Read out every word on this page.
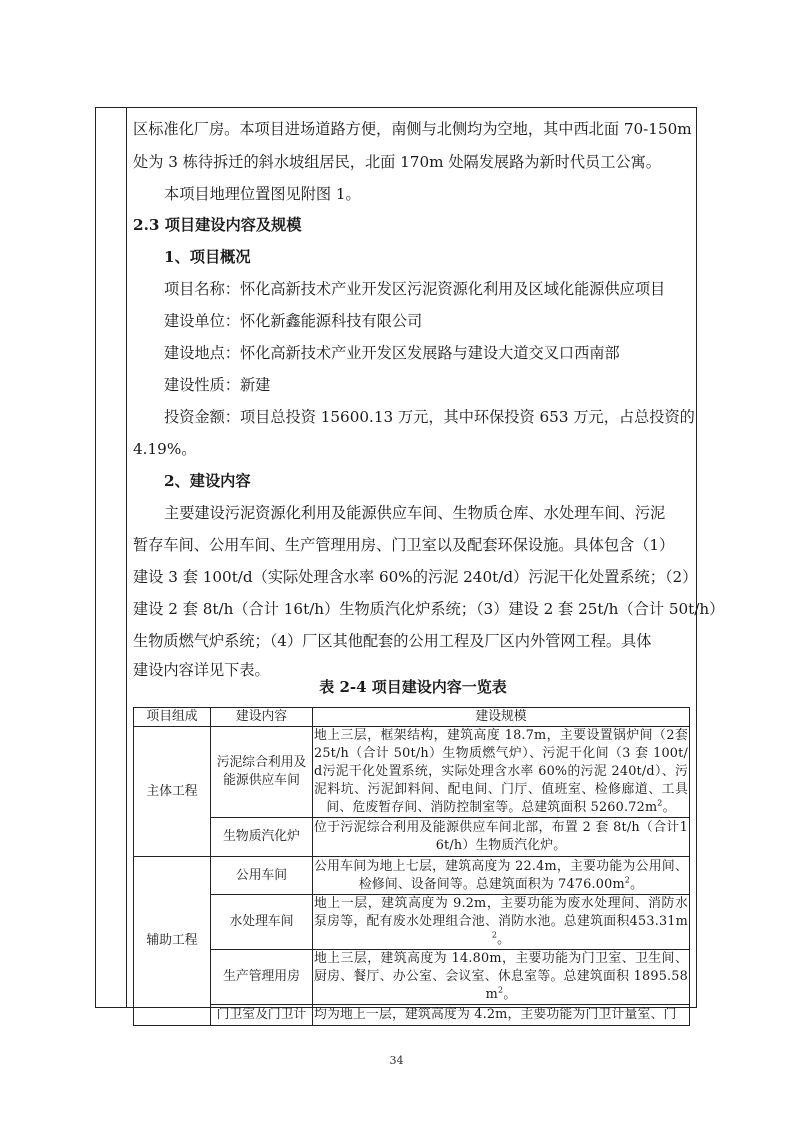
区标准化厂房。本项目进场道路方便，南侧与北侧均为空地，其中西北面 70-150m
处为 3 栋待拆迁的斜水坡组居民，北面 170m 处隔发展路为新时代员工公寓。
本项目地理位置图见附图 1。
2.3 项目建设内容及规模
1、项目概况
项目名称：怀化高新技术产业开发区污泥资源化利用及区域化能源供应项目
建设单位：怀化新鑫能源科技有限公司
建设地点：怀化高新技术产业开发区发展路与建设大道交叉口西南部
建设性质：新建
投资金额：项目总投资 15600.13 万元，其中环保投资 653 万元，占总投资的
4.19%。
2、建设内容
主要建设污泥资源化利用及能源供应车间、生物质仓库、水处理车间、污泥
暂存车间、公用车间、生产管理用房、门卫室以及配套环保设施。具体包含（1）
建设 3 套 100t/d（实际处理含水率 60%的污泥 240t/d）污泥干化处置系统；（2）
建设 2 套 8t/h（合计 16t/h）生物质汽化炉系统；（3）建设 2 套 25t/h（合计 50t/h）
生物质燃气炉系统；（4）厂区其他配套的公用工程及厂区内外管网工程。具体
建设内容详见下表。
表 2-4 项目建设内容一览表
项目组成	建设内容	建设规模
主体工程	污泥综合利用及能源供应车间	地上三层，框架结构，建筑高度 18.7m，主要设置锅炉间（2套 25t/h（合计 50t/h）生物质燃气炉）、污泥干化间（3 套 100t/d污泥干化处置系统，实际处理含水率 60%的污泥 240t/d）、污泥料坑、污泥卸料间、配电间、门厅、值班室、检修廊道、工具间、危废暂存间、消防控制室等。总建筑面积 $5260.72m^2$。
	生物质汽化炉	位于污泥综合利用及能源供应车间北部，布置 2 套 8t/h（合计16t/h）生物质汽化炉。
辅助工程	公用车间	公用车间为地上七层，建筑高度为 22.4m，主要功能为公用间、检修间、设备间等。总建筑面积为 $7476.00m^2$。
	水处理车间	地上一层，建筑高度为 9.2m，主要功能为废水处理间、消防水泵房等，配有废水处理组合池、消防水池。总建筑面积$453.31m^2$。
	生产管理用房	地上三层，建筑高度为 14.80m，主要功能为门卫室、卫生间、厨房、餐厅、办公室、会议室、休息室等。总建筑面积 $1895.58m^2$。
	门卫室及门卫计	均为地上一层，建筑高度为 4.2m，主要功能为门卫计量室、门
34
